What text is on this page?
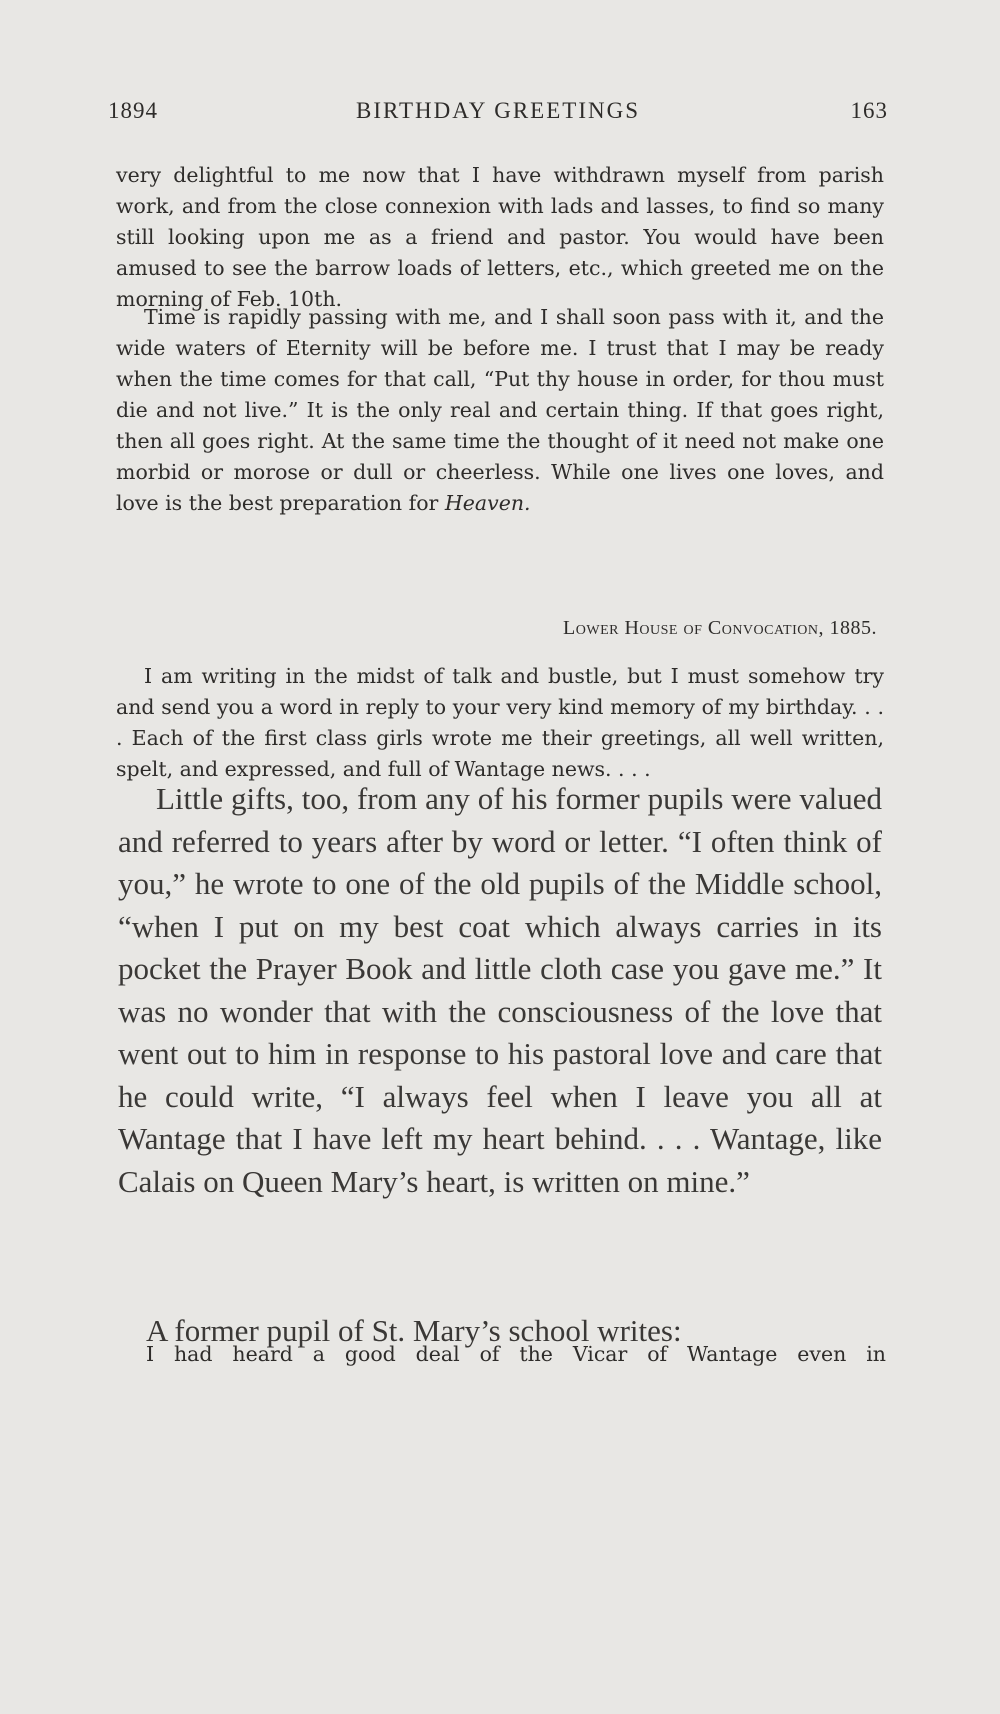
1894	BIRTHDAY GREETINGS	163

very delightful to me now that I have withdrawn myself from parish work, and from the close connexion with lads and lasses, to find so many still looking upon me as a friend and pastor. You would have been amused to see the barrow loads of letters, etc., which greeted me on the morning of Feb. 10th.

Time is rapidly passing with me, and I shall soon pass with it, and the wide waters of Eternity will be before me. I trust that I may be ready when the time comes for that call, “Put thy house in order, for thou must die and not live.” It is the only real and certain thing. If that goes right, then all goes right. At the same time the thought of it need not make one morbid or morose or dull or cheerless. While one lives one loves, and love is the best preparation for Heaven.

Lower House of Convocation, 1885.

I am writing in the midst of talk and bustle, but I must somehow try and send you a word in reply to your very kind memory of my birthday. . . . Each of the first class girls wrote me their greetings, all well written, spelt, and expressed, and full of Wantage news. . . .

Little gifts, too, from any of his former pupils were valued and referred to years after by word or letter. “I often think of you,” he wrote to one of the old pupils of the Middle school, “when I put on my best coat which always carries in its pocket the Prayer Book and little cloth case you gave me.” It was no wonder that with the consciousness of the love that went out to him in response to his pastoral love and care that he could write, “I always feel when I leave you all at Wantage that I have left my heart behind. . . . Wantage, like Calais on Queen Mary’s heart, is written on mine.”

A former pupil of St. Mary’s school writes:

I had heard a good deal of the Vicar of Wantage even in
